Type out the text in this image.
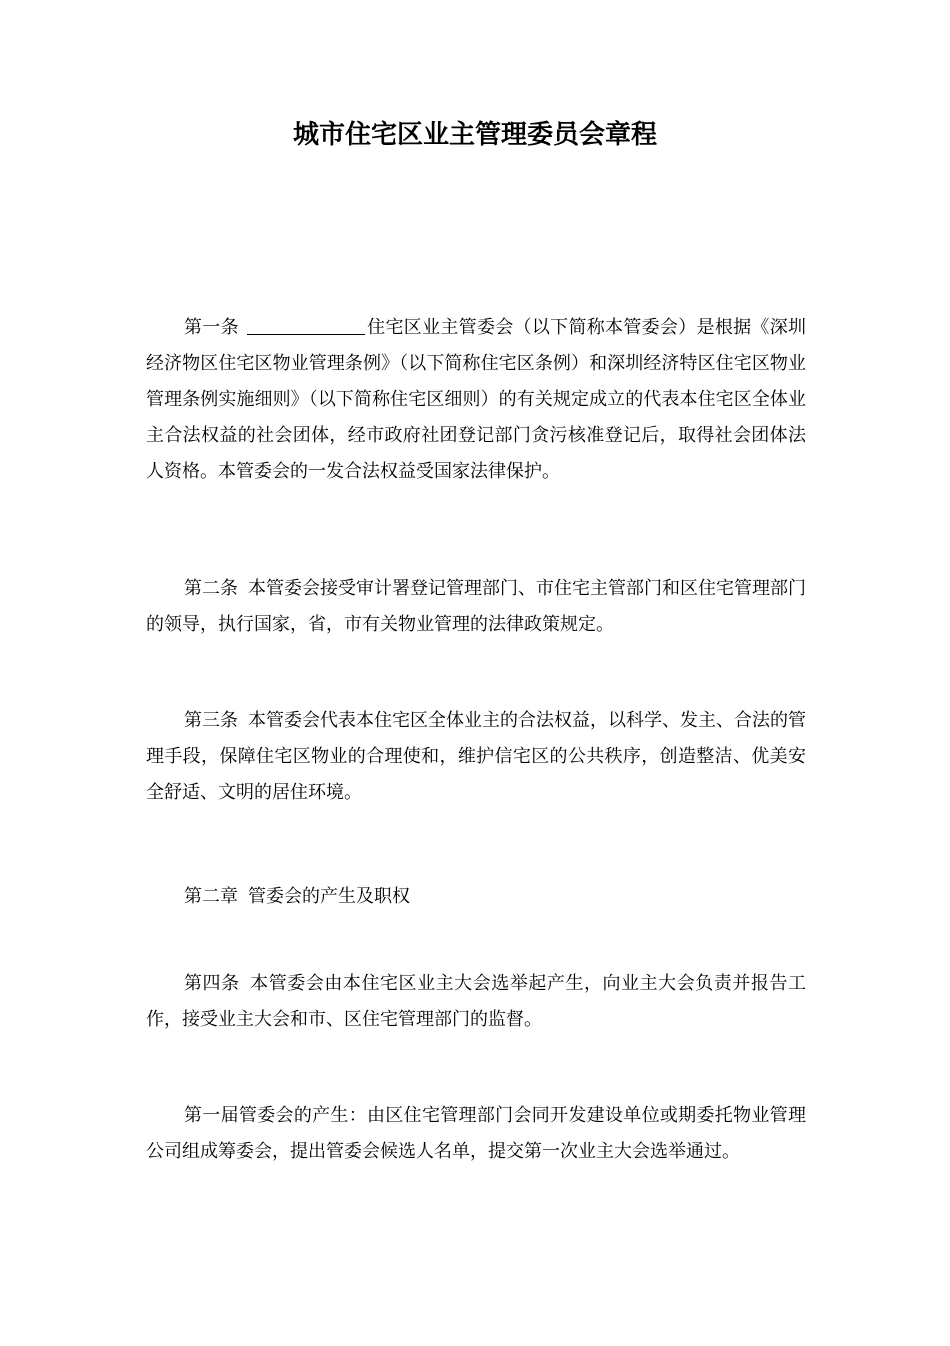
城市住宅区业主管理委员会章程

第一条	住宅区业主管委会（以下简称本管委会）是根据《深圳经济物区住宅区物业管理条例》（以下简称住宅区条例）和深圳经济特区住宅区物业管理条例实施细则》（以下简称住宅区细则）的有关规定成立的代表本住宅区全体业主合法权益的社会团体，经市政府社团登记部门贪污核准登记后，取得社会团体法人资格。本管委会的一发合法权益受国家法律保护。

第二条 本管委会接受审计署登记管理部门、市住宅主管部门和区住宅管理部门的领导，执行国家，省，市有关物业管理的法律政策规定。

第三条 本管委会代表本住宅区全体业主的合法权益，以科学、发主、合法的管理手段，保障住宅区物业的合理使和，维护信宅区的公共秩序，创造整洁、优美安全舒适、文明的居住环境。

第二章 管委会的产生及职权

第四条 本管委会由本住宅区业主大会选举起产生，向业主大会负责并报告工作，接受业主大会和市、区住宅管理部门的监督。

第一届管委会的产生：由区住宅管理部门会同开发建设单位或期委托物业管理公司组成筹委会，提出管委会候选人名单，提交第一次业主大会选举通过。
